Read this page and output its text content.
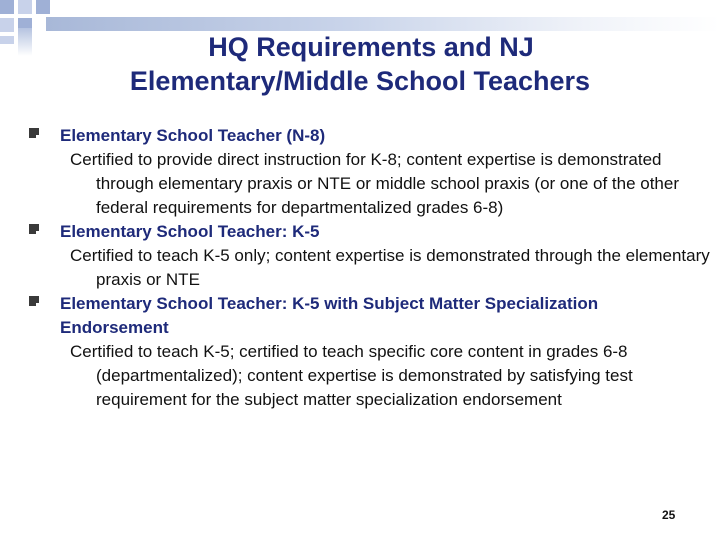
HQ Requirements and NJ
Elementary/Middle School Teachers
Elementary School Teacher (N-8)
Certified to provide direct instruction for K-8; content expertise is demonstrated through elementary praxis or NTE or middle school praxis (or one of the other federal requirements for departmentalized grades 6-8)
Elementary School Teacher: K-5
Certified to teach K-5 only; content expertise is demonstrated through the elementary praxis or NTE
Elementary School Teacher: K-5 with Subject Matter Specialization Endorsement
Certified to teach K-5; certified to teach specific core content in grades 6-8 (departmentalized); content expertise is demonstrated by satisfying test requirement for the subject matter specialization endorsement
25
